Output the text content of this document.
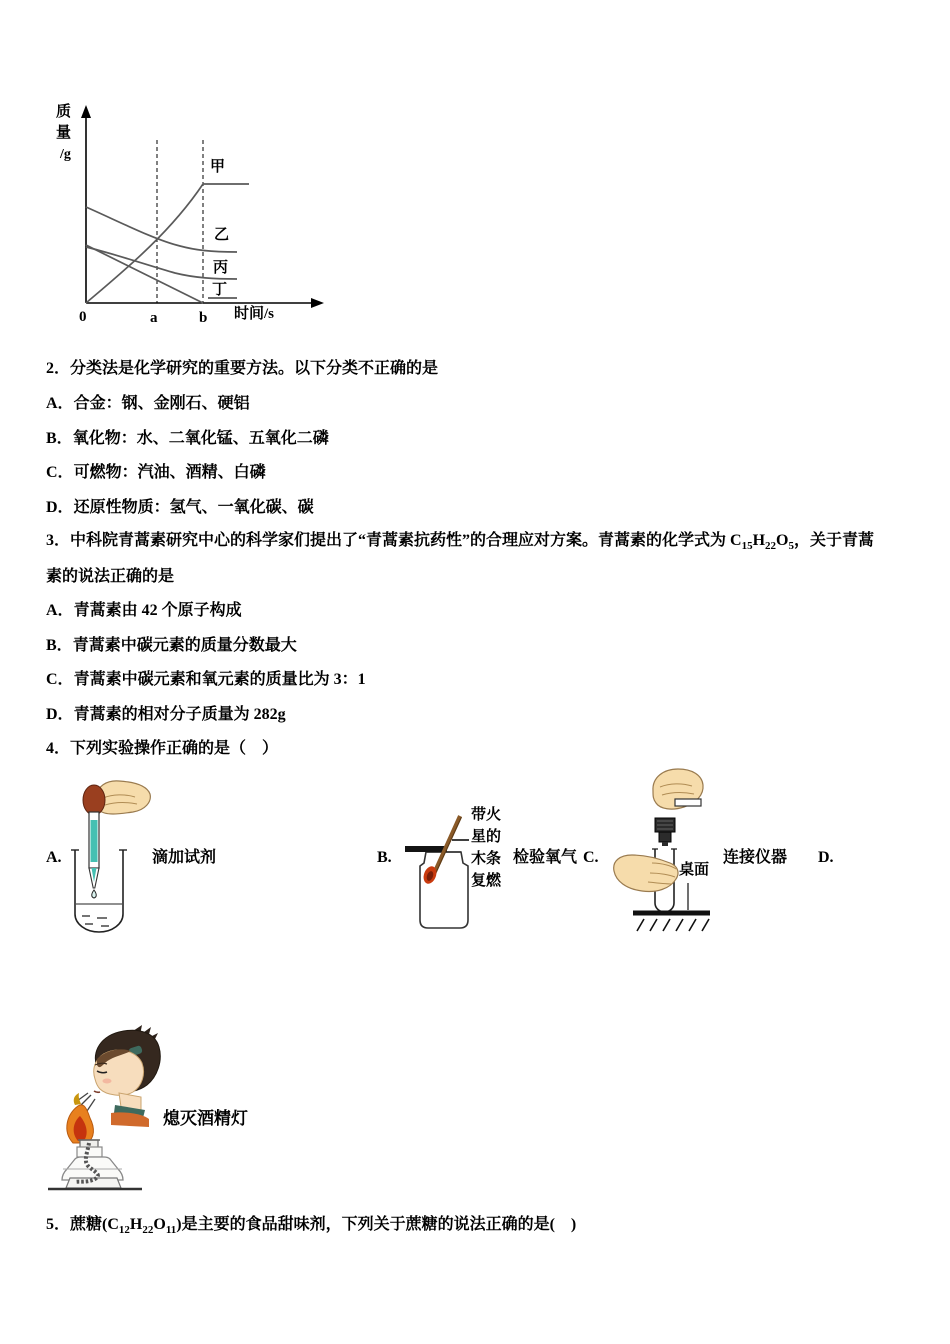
质
量
/g
甲
乙
丙
丁
0	a	b 时间/s
2．分类法是化学研究的重要方法。以下分类不正确的是
A．合金：钢、金刚石、硬铝
B．氧化物：水、二氧化锰、五氧化二磷
C．可燃物：汽油、酒精、白磷
D．还原性物质：氢气、一氧化碳、碳
3．中科院青蒿素研究中心的科学家们提出了“青蒿素抗药性”的合理应对方案。青蒿素的化学式为 $C_{15}H_{22}O_5$，关于青蒿
素的说法正确的是
A．青蒿素由 42 个原子构成
B．青蒿素中碳元素的质量分数最大
C．青蒿素中碳元素和氧元素的质量比为 3：1
D．青蒿素的相对分子质量为 282g
4．下列实验操作正确的是（　）
A.	滴加试剂	B.
带火
星的
木条
复燃
检验氧气 C.
桌面
连接仪器 D.
熄灭酒精灯
5．蔗糖$(C_{12}H_{22}O_{11})$是主要的食品甜味剂，下列关于蔗糖的说法正确的是(　)
